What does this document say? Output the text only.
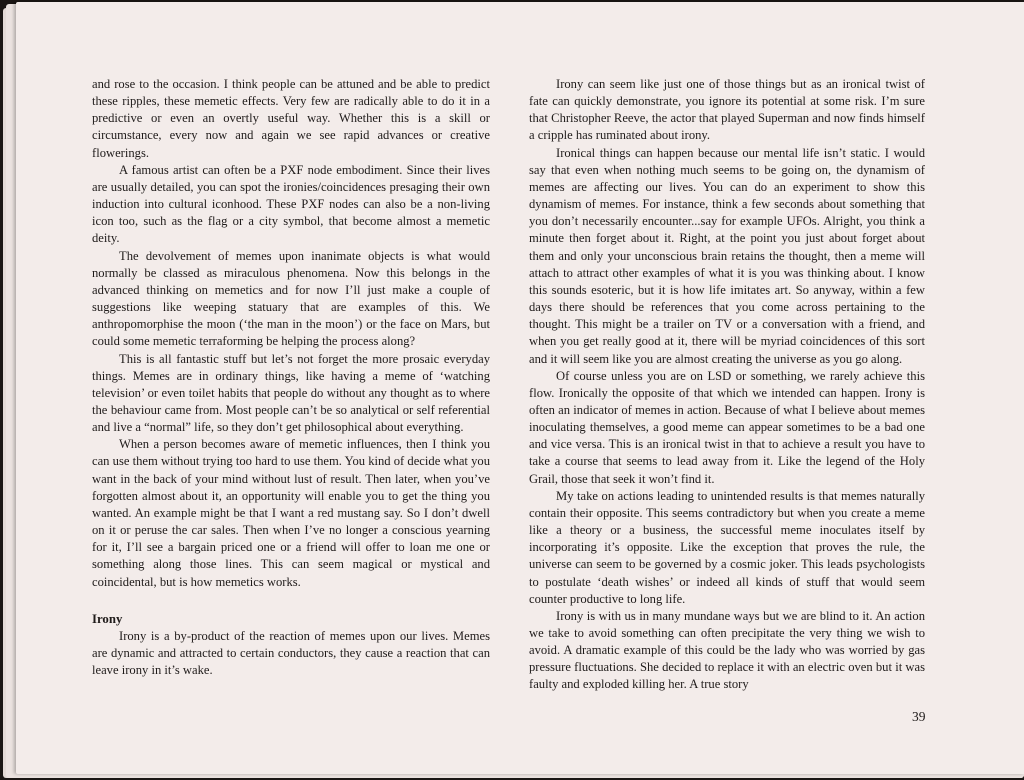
and rose to the occasion. I think people can be attuned and be able to predict these ripples, these memetic effects. Very few are radically able to do it in a predictive or even an overtly useful way. Whether this is a skill or circumstance, every now and again we see rapid advances or creative flowerings.

A famous artist can often be a PXF node embodiment. Since their lives are usually detailed, you can spot the ironies/coincidences presaging their own induction into cultural iconhood. These PXF nodes can also be a non-living icon too, such as the flag or a city symbol, that become almost a memetic deity.

The devolvement of memes upon inanimate objects is what would normally be classed as miraculous phenomena. Now this belongs in the advanced thinking on memetics and for now I’ll just make a couple of suggestions like weeping statuary that are examples of this. We anthropomorphise the moon (‘the man in the moon’) or the face on Mars, but could some memetic terraforming be helping the process along?

This is all fantastic stuff but let’s not forget the more prosaic everyday things. Memes are in ordinary things, like having a meme of ‘watching television’ or even toilet habits that people do without any thought as to where the behaviour came from. Most people can’t be so analytical or self referential and live a “normal” life, so they don’t get philosophical about everything.

When a person becomes aware of memetic influences, then I think you can use them without trying too hard to use them. You kind of decide what you want in the back of your mind without lust of result. Then later, when you’ve forgotten almost about it, an opportunity will enable you to get the thing you wanted. An example might be that I want a red mustang say. So I don’t dwell on it or peruse the car sales. Then when I’ve no longer a conscious yearning for it, I’ll see a bargain priced one or a friend will offer to loan me one or something along those lines. This can seem magical or mystical and coincidental, but is how memetics works.

Irony

Irony is a by-product of the reaction of memes upon our lives. Memes are dynamic and attracted to certain conductors, they cause a reaction that can leave irony in it’s wake.

Irony can seem like just one of those things but as an ironical twist of fate can quickly demonstrate, you ignore its potential at some risk. I’m sure that Christopher Reeve, the actor that played Superman and now finds himself a cripple has ruminated about irony.

Ironical things can happen because our mental life isn’t static. I would say that even when nothing much seems to be going on, the dynamism of memes are affecting our lives. You can do an experiment to show this dynamism of memes. For instance, think a few seconds about something that you don’t necessarily encounter...say for example UFOs. Alright, you think a minute then forget about it. Right, at the point you just about forget about them and only your unconscious brain retains the thought, then a meme will attach to attract other examples of what it is you was thinking about. I know this sounds esoteric, but it is how life imitates art. So anyway, within a few days there should be references that you come across pertaining to the thought. This might be a trailer on TV or a conversation with a friend, and when you get really good at it, there will be myriad coincidences of this sort and it will seem like you are almost creating the universe as you go along.

Of course unless you are on LSD or something, we rarely achieve this flow. Ironically the opposite of that which we intended can happen. Irony is often an indicator of memes in action. Because of what I believe about memes inoculating themselves, a good meme can appear sometimes to be a bad one and vice versa. This is an ironical twist in that to achieve a result you have to take a course that seems to lead away from it. Like the legend of the Holy Grail, those that seek it won’t find it.

My take on actions leading to unintended results is that memes naturally contain their opposite. This seems contradictory but when you create a meme like a theory or a business, the successful meme inoculates itself by incorporating it’s opposite. Like the exception that proves the rule, the universe can seem to be governed by a cosmic joker. This leads psychologists to postulate ‘death wishes’ or indeed all kinds of stuff that would seem counter productive to long life.

Irony is with us in many mundane ways but we are blind to it. An action we take to avoid something can often precipitate the very thing we wish to avoid. A dramatic example of this could be the lady who was worried by gas pressure fluctuations. She decided to replace it with an electric oven but it was faulty and exploded killing her. A true story

39
